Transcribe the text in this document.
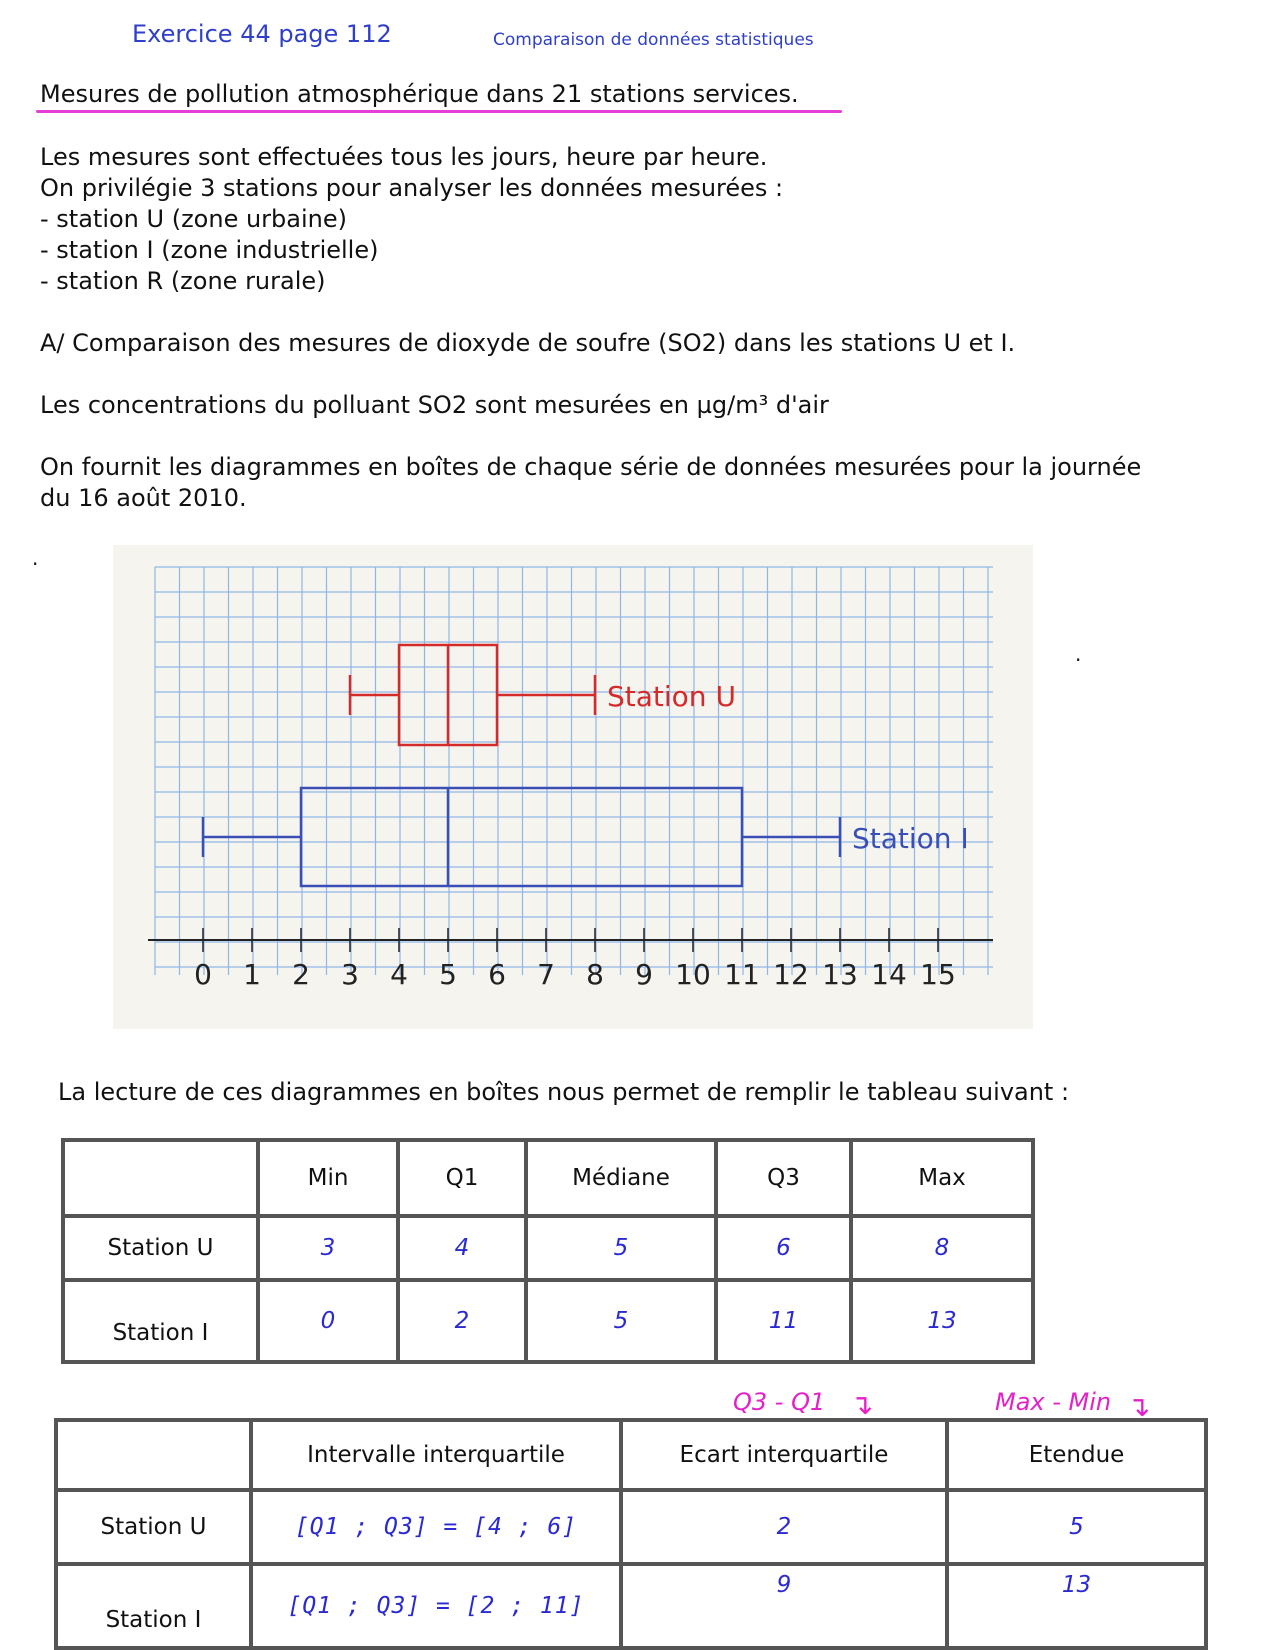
Exercice 44 page 112	Comparaison de données statistiques
Mesures de pollution atmosphérique dans 21 stations services.
Les mesures sont effectuées tous les jours, heure par heure.
On privilégie 3 stations pour analyser les données mesurées :
- station U (zone urbaine)
- station I (zone industrielle)
- station R (zone rurale)
A/ Comparaison des mesures de dioxyde de soufre (SO2) dans les stations U et I.
Les concentrations du polluant SO2 sont mesurées en µg/m³ d'air
On fournit les diagrammes en boîtes de chaque série de données mesurées pour la journée
du 16 août 2010.
·
·
0 1 2 3 4 5 6 7 8 9 10 11 12 13 14 15
Station U
Station I
La lecture de ces diagrammes en boîtes nous permet de remplir le tableau suivant :
	Min	Q1	Médiane	Q3	Max
Station U	3	4	5	6	8
Station I	0	2	5	11	13
Q3 - Q1 ↴	Max - Min ↴
	Intervalle interquartile	Ecart interquartile	Etendue
Station U	[Q1 ; Q3] = [4 ; 6]	2	5
Station I	[Q1 ; Q3] = [2 ; 11]	9	13
